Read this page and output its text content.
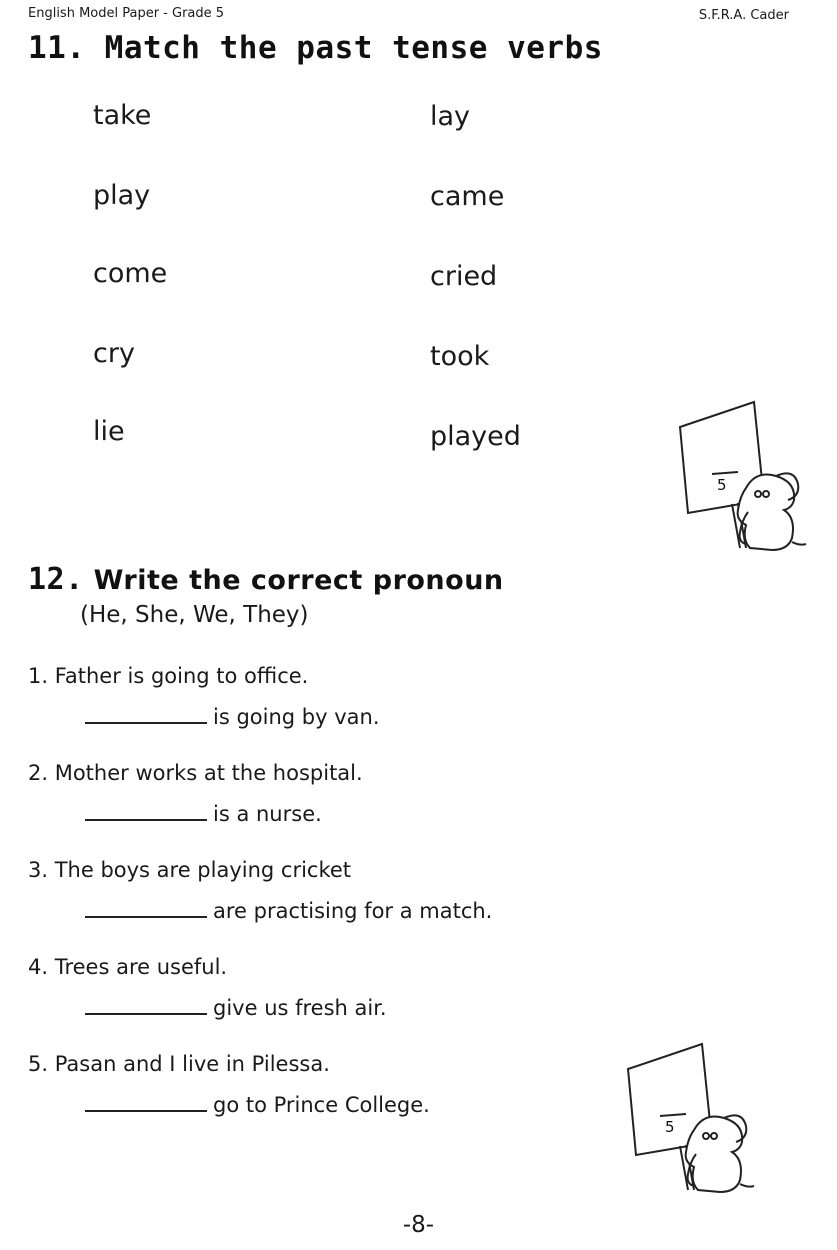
English Model Paper - Grade 5	S.F.R.A. Cader
11. Match the past tense verbs
take
play
come
cry
lie
lay
came
cried
took
played
5
12. Write the correct pronoun
(He, She, We, They)
1. Father is going to office.
is going by van.
2. Mother works at the hospital.
is a nurse.
3. The boys are playing cricket
are practising for a match.
4. Trees are useful.
give us fresh air.
5. Pasan and I live in Pilessa.
go to Prince College.
5
-8-
